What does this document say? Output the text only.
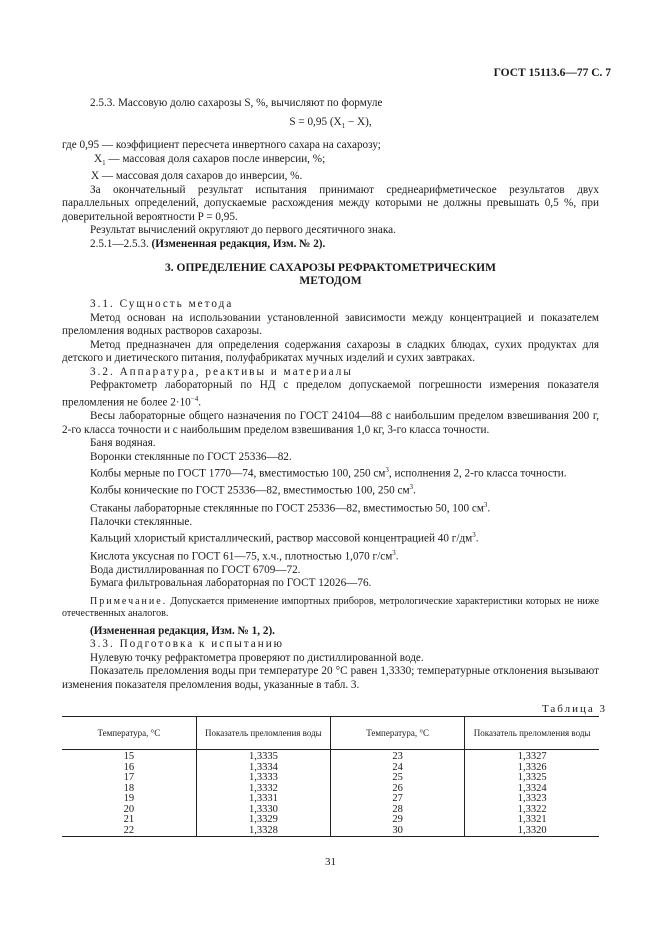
ГОСТ 15113.6—77 С. 7

2.5.3. Массовую долю сахарозы S, %, вычисляют по формуле

S = 0,95 $(X_1 - X)$,

где 0,95 — коэффициент пересчета инвертного сахара на сахарозу;
$X_1$ — массовая доля сахаров после инверсии, %;
X — массовая доля сахаров до инверсии, %.

За окончательный результат испытания принимают среднеарифметическое результатов двух параллельных определений, допускаемые расхождения между которыми не должны превышать 0,5 %, при доверительной вероятности P = 0,95.

Результат вычислений округляют до первого десятичного знака.

2.5.1—2.5.3. (Измененная редакция, Изм. № 2).

3. ОПРЕДЕЛЕНИЕ САХАРОЗЫ РЕФРАКТОМЕТРИЧЕСКИМ
МЕТОДОМ

3.1. Сущность метода

Метод основан на использовании установленной зависимости между концентрацией и показателем преломления водных растворов сахарозы.

Метод предназначен для определения содержания сахарозы в сладких блюдах, сухих продуктах для детского и диетического питания, полуфабрикатах мучных изделий и сухих завтраках.

3.2. Аппаратура, реактивы и материалы

Рефрактометр лабораторный по НД с пределом допускаемой погрешности измерения показателя преломления не более $2\cdot 10^{-4}$.

Весы лабораторные общего назначения по ГОСТ 24104—88 с наибольшим пределом взвешивания 200 г, 2-го класса точности и с наибольшим пределом взвешивания 1,0 кг, 3-го класса точности.

Баня водяная.

Воронки стеклянные по ГОСТ 25336—82.

Колбы мерные по ГОСТ 1770—74, вместимостью 100, 250 $см^3$, исполнения 2, 2-го класса точности.

Колбы конические по ГОСТ 25336—82, вместимостью 100, 250 $см^3$.

Стаканы лабораторные стеклянные по ГОСТ 25336—82, вместимостью 50, 100 $см^3$.

Палочки стеклянные.

Кальций хлористый кристаллический, раствор массовой концентрацией 40 $г/дм^3$.

Кислота уксусная по ГОСТ 61—75, х.ч., плотностью 1,070 $г/см^3$.

Вода дистиллированная по ГОСТ 6709—72.

Бумага фильтровальная лабораторная по ГОСТ 12026—76.

Примечание. Допускается применение импортных приборов, метрологические характеристики которых не ниже отечественных аналогов.

(Измененная редакция, Изм. № 1, 2).

3.3. Подготовка к испытанию

Нулевую точку рефрактометра проверяют по дистиллированной воде.

Показатель преломления воды при температуре 20 °С равен 1,3330; температурные отклонения вызывают изменения показателя преломления воды, указанные в табл. 3.

Таблица 3
Температура, °С	Показатель преломления воды	Температура, °С	Показатель преломления воды
15	1,3335	23	1,3327
16	1,3334	24	1,3326
17	1,3333	25	1,3325
18	1,3332	26	1,3324
19	1,3331	27	1,3323
20	1,3330	28	1,3322
21	1,3329	29	1,3321
22	1,3328	30	1,3320
31
